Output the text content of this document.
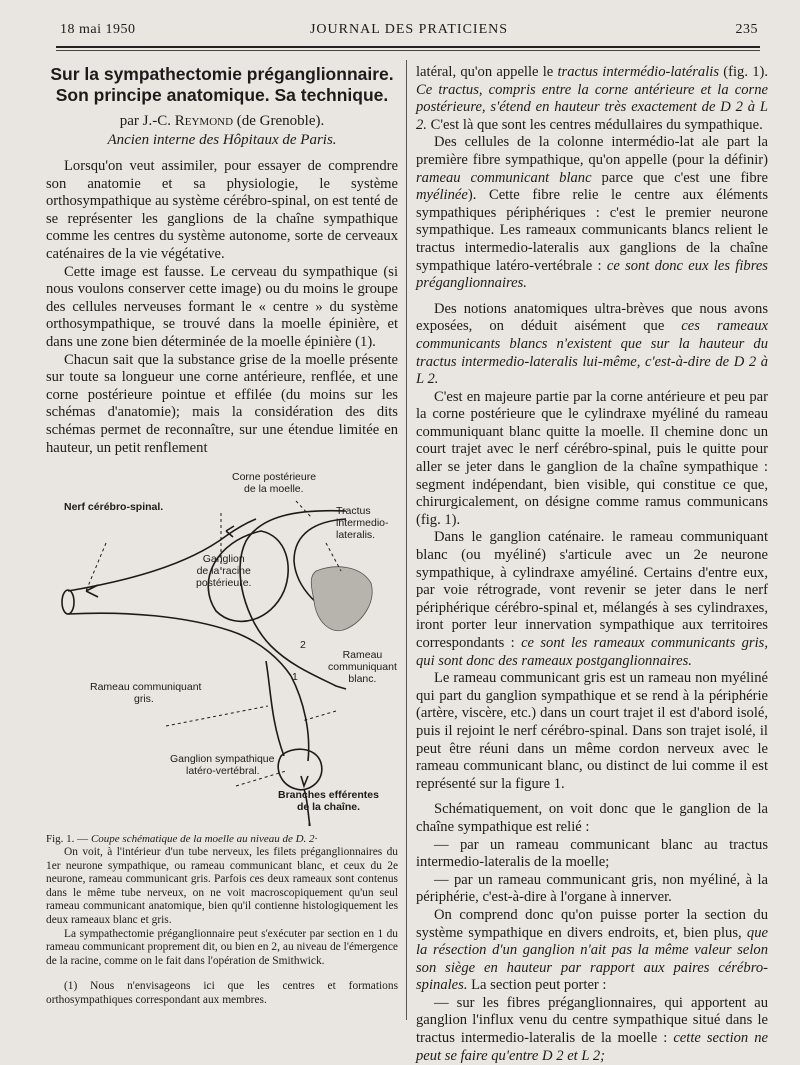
18 mai 1950	JOURNAL DES PRATICIENS	235
Sur la sympathectomie préganglionnaire.
Son principe anatomique. Sa technique.
par J.-C. Reymond (de Grenoble).
Ancien interne des Hôpitaux de Paris.

Lorsqu'on veut assimiler, pour essayer de comprendre son anatomie et sa physiologie, le système orthosympathique au système cérébro-spinal, on est tenté de se représenter les ganglions de la chaîne sympathique comme les centres du système autonome, sorte de cerveaux caténaires de la vie végétative.

Cette image est fausse. Le cerveau du sympathique (si nous voulons conserver cette image) ou du moins le groupe des cellules nerveuses formant le « centre » du système orthosympathique, se trouvé dans la moelle épinière, et dans une zone bien déterminée de la moelle épinière (1).

Chacun sait que la substance grise de la moelle présente sur toute sa longueur une corne antérieure, renflée, et une corne postérieure pointue et effilée (du moins sur les schémas d'anatomie); mais la considération des dits schémas permet de reconnaître, sur une étendue limitée en hauteur, un petit renflement

Corne postérieure
de la moelle.
Nerf cérébro-spinal.	Tractus
intermedio-
lateralis.
Ganglion
de la racine
postérieure.
2
1
Rameau
communiquant
blanc.
Rameau communiquant
gris.
Ganglion sympathique
latéro-vertébral.
Branches efférentes
de la chaîne.
Fig. 1. — Coupe schématique de la moelle au niveau de D. 2·

On voit, à l'intérieur d'un tube nerveux, les filets préganglionnaires du 1er neurone sympathique, ou rameau communicant blanc, et ceux du 2e neurone, rameau communicant gris. Parfois ces deux rameaux sont contenus dans le même tube nerveux, on ne voit macroscopiquement qu'un seul rameau communicant anatomique, bien qu'il contienne histologiquement les deux rameaux blanc et gris.

La sympathectomie préganglionnaire peut s'exécuter par section en 1 du rameau communicant proprement dit, ou bien en 2, au niveau de l'émergence de la racine, comme on le fait dans l'opération de Smithwick.

(1) Nous n'envisageons ici que les centres et formations orthosympathiques correspondant aux membres.

latéral, qu'on appelle le tractus intermédio-latéralis (fig. 1). Ce tractus, compris entre la corne antérieure et la corne postérieure, s'étend en hauteur très exactement de D 2 à L 2. C'est là que sont les centres médullaires du sympathique.

Des cellules de la colonne intermédio-lat ale part la première fibre sympathique, qu'on appelle (pour la définir) rameau communicant blanc parce que c'est une fibre myélinée). Cette fibre relie le centre aux éléments sympathiques périphériques : c'est le premier neurone sympathique. Les rameaux communicants blancs relient le tractus intermedio-lateralis aux ganglions de la chaîne sympathique latéro-vertébrale : ce sont donc eux les fibres préganglionnaires.

Des notions anatomiques ultra-brèves que nous avons exposées, on déduit aisément que ces rameaux communicants blancs n'existent que sur la hauteur du tractus intermedio-lateralis lui-même, c'est-à-dire de D 2 à L 2.

C'est en majeure partie par la corne antérieure et peu par la corne postérieure que le cylindraxe myéliné du rameau communiquant blanc quitte la moelle. Il chemine donc un court trajet avec le nerf cérébro-spinal, puis le quitte pour aller se jeter dans le ganglion de la chaîne sympathique : segment indépendant, bien visible, qui constitue ce que, chirurgicalement, on désigne comme ramus communicans (fig. 1).

Dans le ganglion caténaire. le rameau communiquant blanc (ou myéliné) s'articule avec un 2e neurone sympathique, à cylindraxe amyéliné. Certains d'entre eux, par voie rétrograde, vont revenir se jeter dans le nerf périphérique cérébro-spinal et, mélangés à ses cylindraxes, iront porter leur innervation sympathique aux territoires correspondants : ce sont les rameaux communicants gris, qui sont donc des rameaux postganglionnaires.

Le rameau communicant gris est un rameau non myéliné qui part du ganglion sympathique et se rend à la périphérie (artère, viscère, etc.) dans un court trajet il est d'abord isolé, puis il rejoint le nerf cérébro-spinal. Dans son trajet isolé, il peut être réuni dans un même cordon nerveux avec le rameau communicant blanc, ou distinct de lui comme il est représenté sur la figure 1.

Schématiquement, on voit donc que le ganglion de la chaîne sympathique est relié :

— par un rameau communicant blanc au tractus intermedio-lateralis de la moelle;

— par un rameau communicant gris, non myéliné, à la périphérie, c'est-à-dire à l'organe à innerver.

On comprend donc qu'on puisse porter la section du système sympathique en divers endroits, et, bien plus, que la résection d'un ganglion n'ait pas la même valeur selon son siège en hauteur par rapport aux paires cérébro-spinales. La section peut porter :

— sur les fibres préganglionnaires, qui apportent au ganglion l'influx venu du centre sympathique situé dans le tractus intermedio-lateralis de la moelle : cette section ne peut se faire qu'entre D 2 et L 2;
